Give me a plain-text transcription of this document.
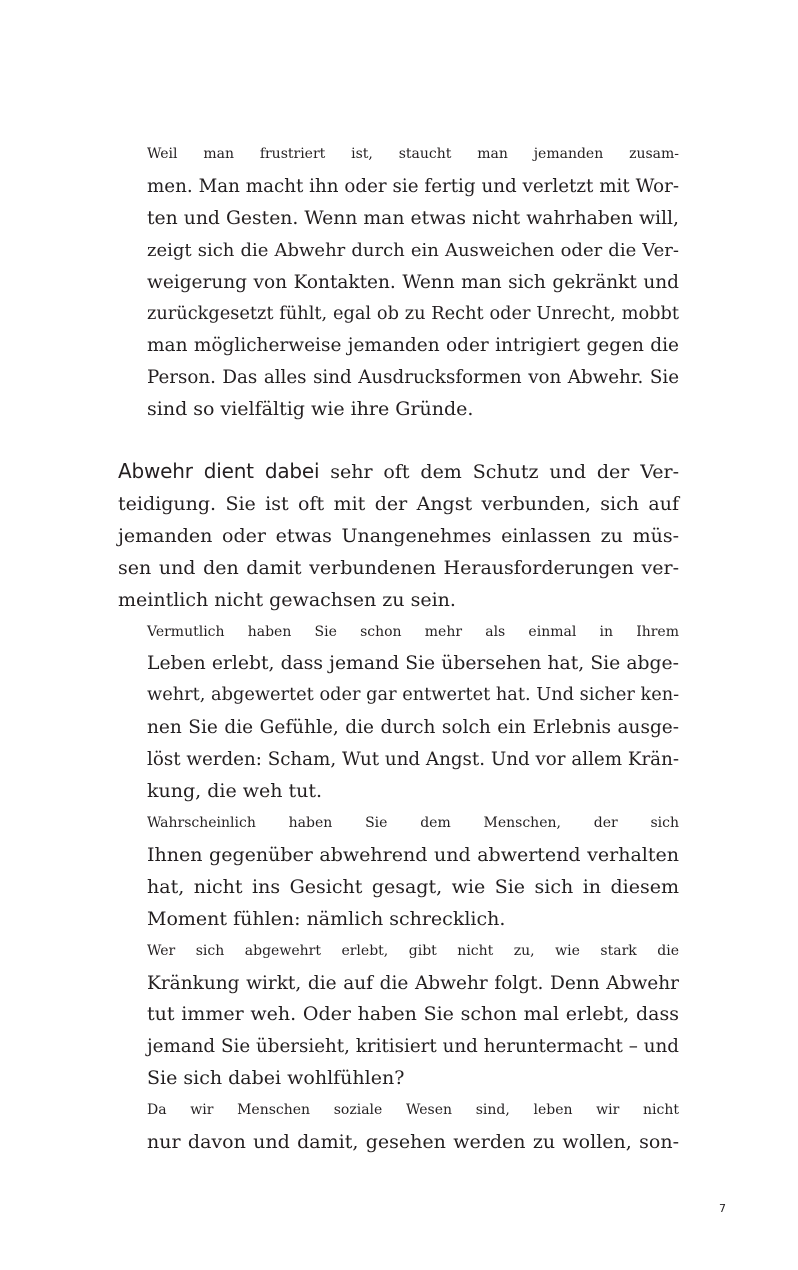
Weil man frustriert ist, staucht man jemanden zusam-
men. Man macht ihn oder sie fertig und verletzt mit Wor-
ten und Gesten. Wenn man etwas nicht wahrhaben will,
zeigt sich die Abwehr durch ein Ausweichen oder die Ver-
weigerung von Kontakten. Wenn man sich gekränkt und
zurückgesetzt fühlt, egal ob zu Recht oder Unrecht, mobbt
man möglicherweise jemanden oder intrigiert gegen die
Person. Das alles sind Ausdrucksformen von Abwehr. Sie
sind so vielfältig wie ihre Gründe.

Abwehr dient dabei sehr oft dem Schutz und der Ver-
teidigung. Sie ist oft mit der Angst verbunden, sich auf
jemanden oder etwas Unangenehmes einlassen zu müs-
sen und den damit verbundenen Herausforderungen ver-
meintlich nicht gewachsen zu sein.

Vermutlich haben Sie schon mehr als einmal in Ihrem
Leben erlebt, dass jemand Sie übersehen hat, Sie abge-
wehrt, abgewertet oder gar entwertet hat. Und sicher ken-
nen Sie die Gefühle, die durch solch ein Erlebnis ausge-
löst werden: Scham, Wut und Angst. Und vor allem Krän-
kung, die weh tut.

Wahrscheinlich haben Sie dem Menschen, der sich
Ihnen gegenüber abwehrend und abwertend verhalten
hat, nicht ins Gesicht gesagt, wie Sie sich in diesem
Moment fühlen: nämlich schrecklich.

Wer sich abgewehrt erlebt, gibt nicht zu, wie stark die
Kränkung wirkt, die auf die Abwehr folgt. Denn Abwehr
tut immer weh. Oder haben Sie schon mal erlebt, dass
jemand Sie übersieht, kritisiert und heruntermacht – und
Sie sich dabei wohlfühlen?

Da wir Menschen soziale Wesen sind, leben wir nicht
nur davon und damit, gesehen werden zu wollen, son-

7
